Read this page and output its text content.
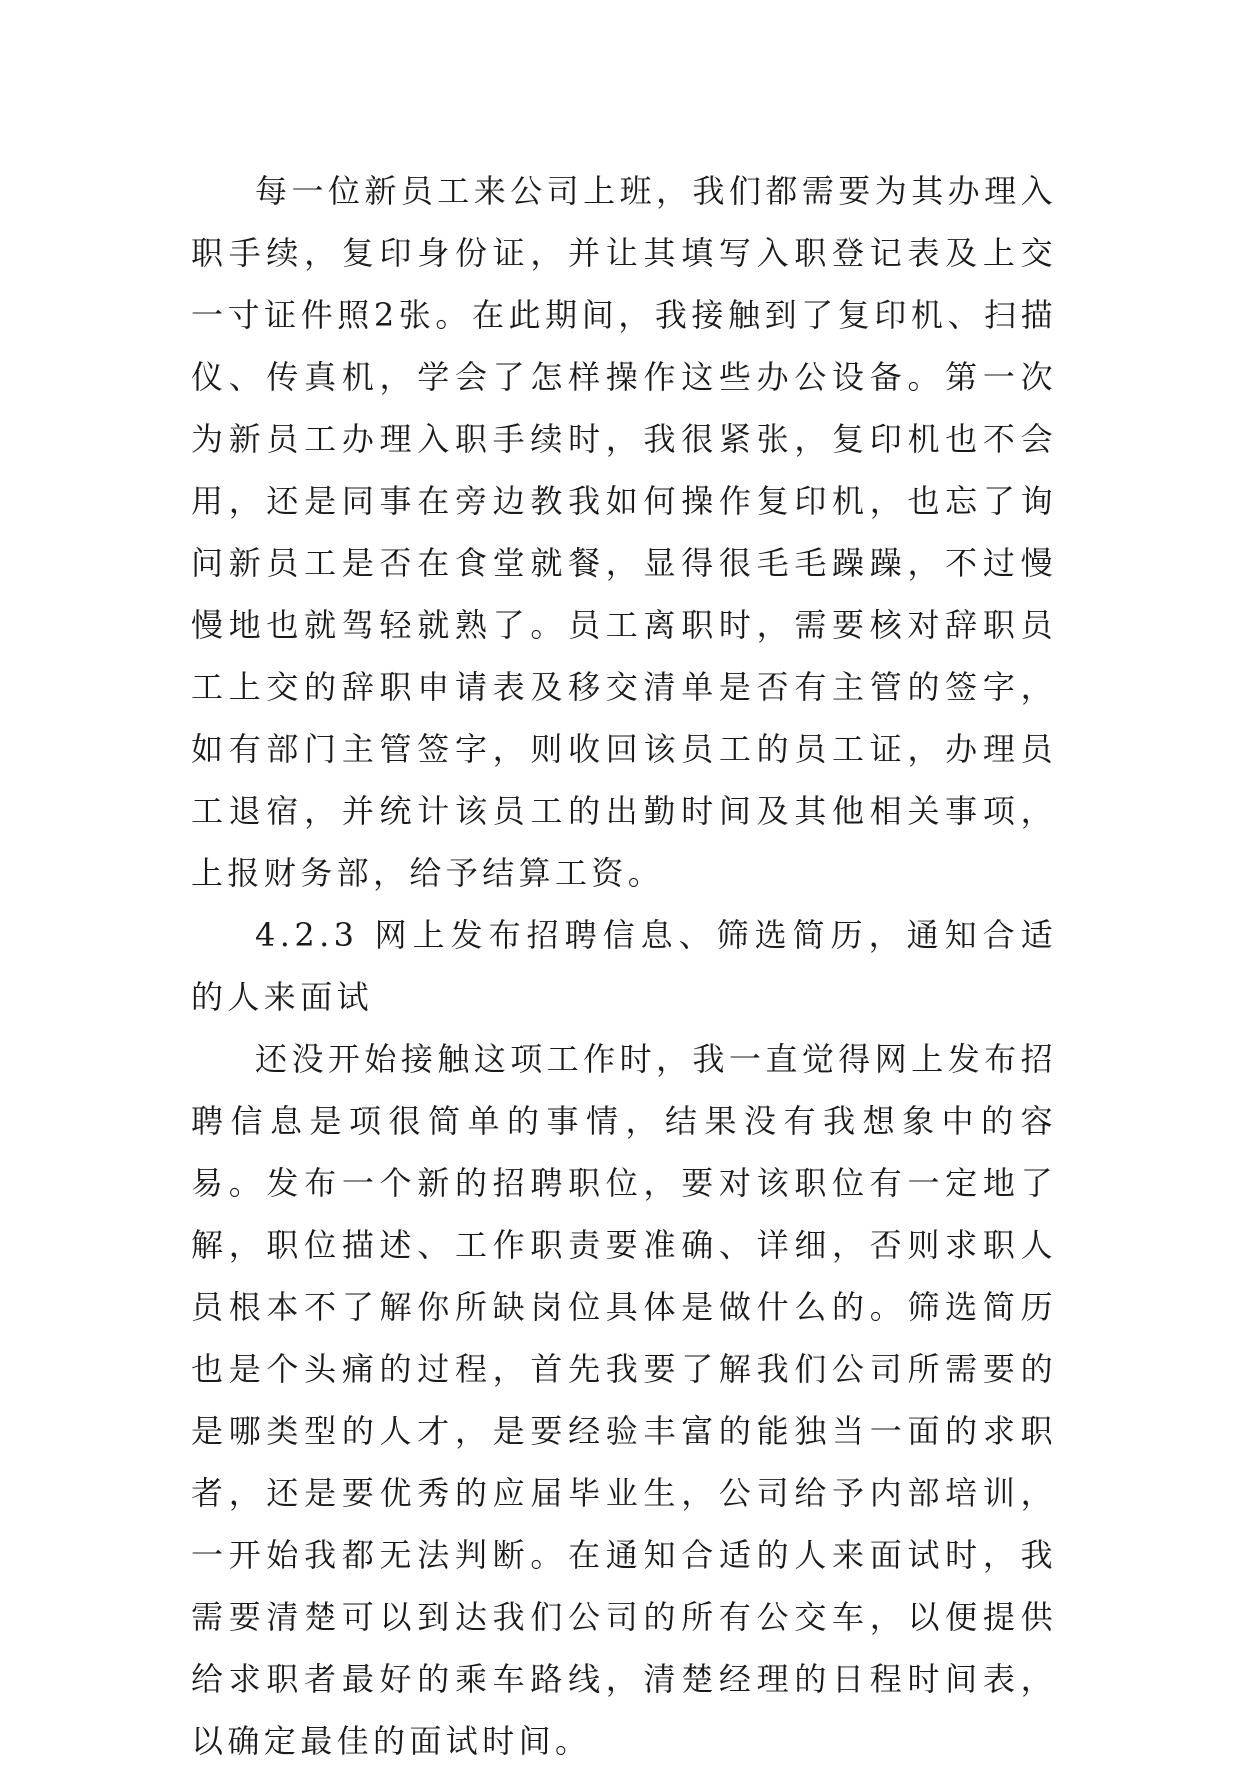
每一位新员工来公司上班，我们都需要为其办理入职手续，复印身份证，并让其填写入职登记表及上交一寸证件照2张。在此期间，我接触到了复印机、扫描仪、传真机，学会了怎样操作这些办公设备。第一次为新员工办理入职手续时，我很紧张，复印机也不会用，还是同事在旁边教我如何操作复印机，也忘了询问新员工是否在食堂就餐，显得很毛毛躁躁，不过慢慢地也就驾轻就熟了。员工离职时，需要核对辞职员工上交的辞职申请表及移交清单是否有主管的签字，如有部门主管签字，则收回该员工的员工证，办理员工退宿，并统计该员工的出勤时间及其他相关事项，上报财务部，给予结算工资。

4.2.3 网上发布招聘信息、筛选简历，通知合适的人来面试

还没开始接触这项工作时，我一直觉得网上发布招聘信息是项很简单的事情，结果没有我想象中的容易。发布一个新的招聘职位，要对该职位有一定地了解，职位描述、工作职责要准确、详细，否则求职人员根本不了解你所缺岗位具体是做什么的。筛选简历也是个头痛的过程，首先我要了解我们公司所需要的是哪类型的人才，是要经验丰富的能独当一面的求职者，还是要优秀的应届毕业生，公司给予内部培训，一开始我都无法判断。在通知合适的人来面试时，我需要清楚可以到达我们公司的所有公交车，以便提供给求职者最好的乘车路线，清楚经理的日程时间表，以确定最佳的面试时间。
